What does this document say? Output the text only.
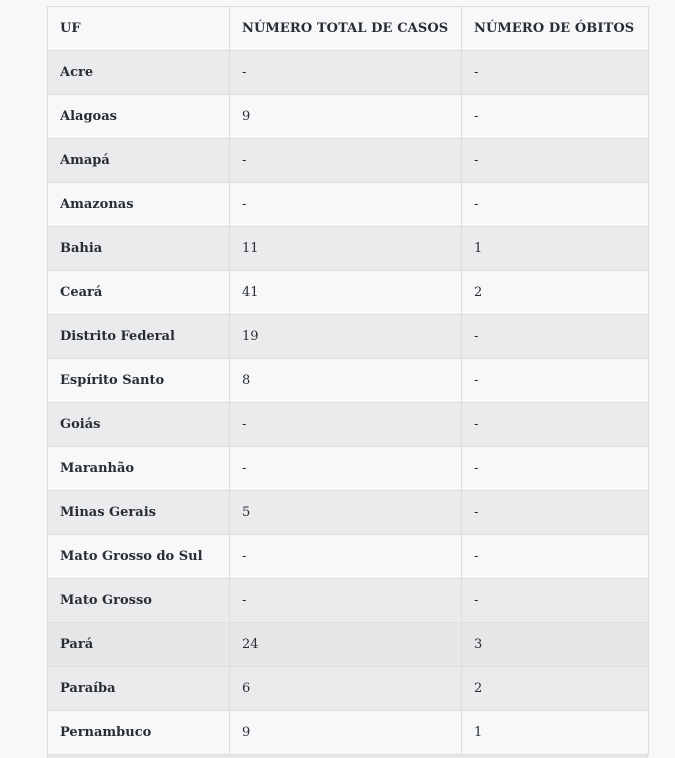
UF	NÚMERO TOTAL DE CASOS	NÚMERO DE ÓBITOS
Acre	-	-
Alagoas	9	-
Amapá	-	-
Amazonas	-	-
Bahia	11	1
Ceará	41	2
Distrito Federal	19	-
Espírito Santo	8	-
Goiás	-	-
Maranhão	-	-
Minas Gerais	5	-
Mato Grosso do Sul	-	-
Mato Grosso	-	-
Pará	24	3
Paraíba	6	2
Pernambuco	9	1
